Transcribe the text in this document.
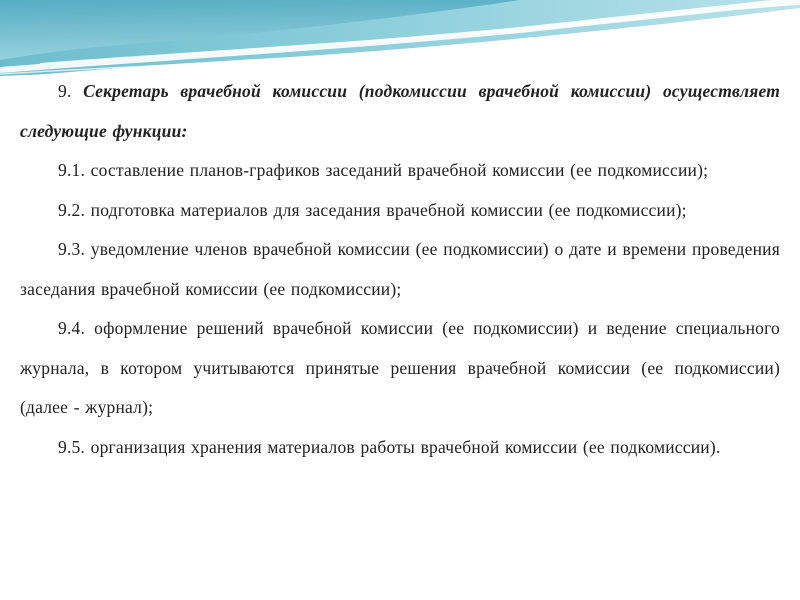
9. Секретарь врачебной комиссии (подкомиссии врачебной комиссии) осуществляет следующие функции:

9.1. составление планов-графиков заседаний врачебной комиссии (ее подкомиссии);

9.2. подготовка материалов для заседания врачебной комиссии (ее подкомиссии);

9.3. уведомление членов врачебной комиссии (ее подкомиссии) о дате и времени проведения заседания врачебной комиссии (ее подкомиссии);

9.4. оформление решений врачебной комиссии (ее подкомиссии) и ведение специального журнала, в котором учитываются принятые решения врачебной комиссии (ее подкомиссии) (далее - журнал);

9.5. организация хранения материалов работы врачебной комиссии (ее подкомиссии).
